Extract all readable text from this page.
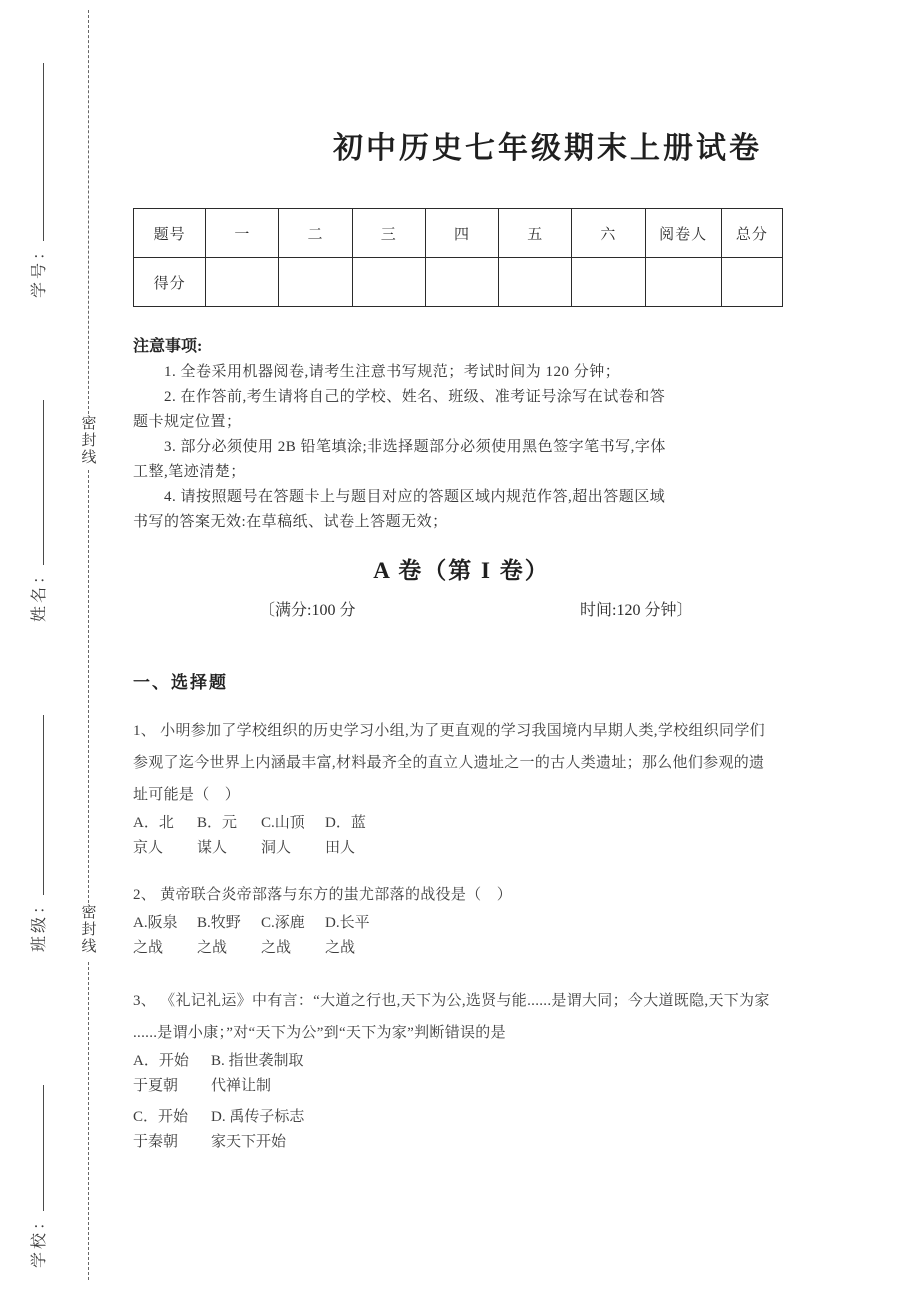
学号：
姓名：
班级：
学校：
密封线
密封线
初中历史七年级期末上册试卷
题号	一	二	三	四	五	六	阅卷人	总分
得分								
注意事项:
　　1. 全卷采用机器阅卷,请考生注意书写规范；考试时间为 120 分钟；
　　2. 在作答前,考生请将自己的学校、姓名、班级、准考证号涂写在试卷和答
题卡规定位置；
　　3. 部分必须使用 2B 铅笔填涂;非选择题部分必须使用黑色签字笔书写,字体
工整,笔迹清楚；
　　4. 请按照题号在答题卡上与题目对应的答题区域内规范作答,超出答题区域
书写的答案无效:在草稿纸、试卷上答题无效；
A 卷（第 I 卷）
〔满分:100 分	时间:120 分钟〕
一、选择题
1、 小明参加了学校组织的历史学习小组,为了更直观的学习我国境内早期人类,学校组织同学们
参观了迄今世界上内涵最丰富,材料最齐全的直立人遗址之一的古人类遗址；那么他们参观的遗
址可能是（　）
A．北
京人
B．元
谋人
C.山顶
洞人
D．蓝
田人
2、 黄帝联合炎帝部落与东方的蚩尤部落的战役是（　）
A.阪泉
之战
B.牧野
之战
C.涿鹿
之战
D.长平
之战
3、 《礼记礼运》中有言：“大道之行也,天下为公,选贤与能......是谓大同；今大道既隐,天下为家
......是谓小康；”对“天下为公”到“天下为家”判断错误的是
A．开始
于夏朝
B. 指世袭制取
代禅让制
C．开始
于秦朝
D. 禹传子标志
家天下开始
